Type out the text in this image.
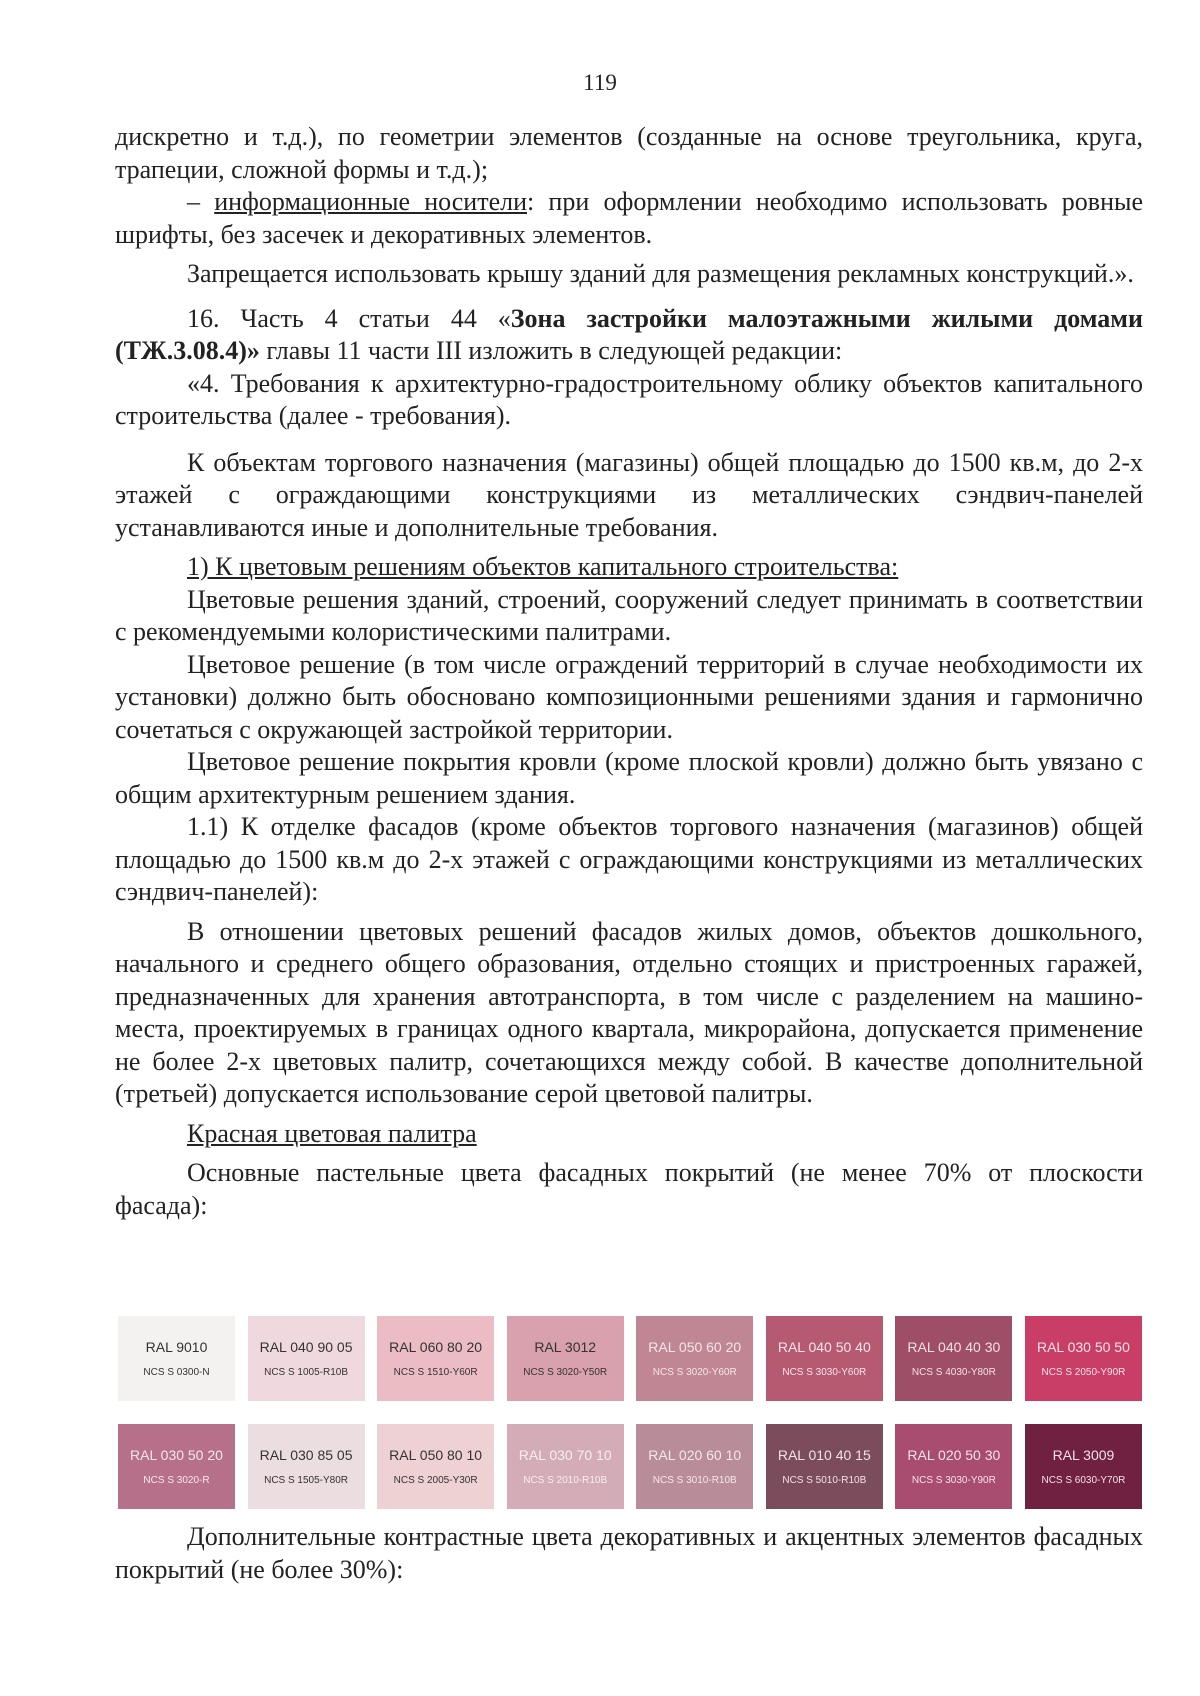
119

дискретно и т.д.), по геометрии элементов (созданные на основе треугольника, круга, трапеции, сложной формы и т.д.);

– информационные носители: при оформлении необходимо использовать ровные шрифты, без засечек и декоративных элементов.

Запрещается использовать крышу зданий для размещения рекламных конструкций.».

16. Часть 4 статьи 44 «Зона застройки малоэтажными жилыми домами (ТЖ.3.08.4)» главы 11 части III изложить в следующей редакции:

«4. Требования к архитектурно-градостроительному облику объектов капитального строительства (далее - требования).

К объектам торгового назначения (магазины) общей площадью до 1500 кв.м, до 2-х этажей с ограждающими конструкциями из металлических сэндвич-панелей устанавливаются иные и дополнительные требования.

1) К цветовым решениям объектов капитального строительства:

Цветовые решения зданий, строений, сооружений следует принимать в соответствии с рекомендуемыми колористическими палитрами.

Цветовое решение (в том числе ограждений территорий в случае необходимости их установки) должно быть обосновано композиционными решениями здания и гармонично сочетаться с окружающей застройкой территории.

Цветовое решение покрытия кровли (кроме плоской кровли) должно быть увязано с общим архитектурным решением здания.

1.1) К отделке фасадов (кроме объектов торгового назначения (магазинов) общей площадью до 1500 кв.м до 2-х этажей с ограждающими конструкциями из металлических сэндвич-панелей):

В отношении цветовых решений фасадов жилых домов, объектов дошкольного, начального и среднего общего образования, отдельно стоящих и пристроенных гаражей, предназначенных для хранения автотранспорта, в том числе с разделением на машино-места, проектируемых в границах одного квартала, микрорайона, допускается применение не более 2-х цветовых палитр, сочетающихся между собой. В качестве дополнительной (третьей) допускается использование серой цветовой палитры.

Красная цветовая палитра

Основные пастельные цвета фасадных покрытий (не менее 70% от плоскости фасада):

RAL 9010
NCS S 0300-N
RAL 040 90 05
NCS S 1005-R10B
RAL 060 80 20
NCS S 1510-Y60R
RAL 3012
NCS S 3020-Y50R
RAL 050 60 20
NCS S 3020-Y60R
RAL 040 50 40
NCS S 3030-Y60R
RAL 040 40 30
NCS S 4030-Y80R
RAL 030 50 50
NCS S 2050-Y90R
RAL 030 50 20
NCS S 3020-R
RAL 030 85 05
NCS S 1505-Y80R
RAL 050 80 10
NCS S 2005-Y30R
RAL 030 70 10
NCS S 2010-R10B
RAL 020 60 10
NCS S 3010-R10B
RAL 010 40 15
NCS S 5010-R10B
RAL 020 50 30
NCS S 3030-Y90R
RAL 3009
NCS S 6030-Y70R

Дополнительные контрастные цвета декоративных и акцентных элементов фасадных покрытий (не более 30%):
